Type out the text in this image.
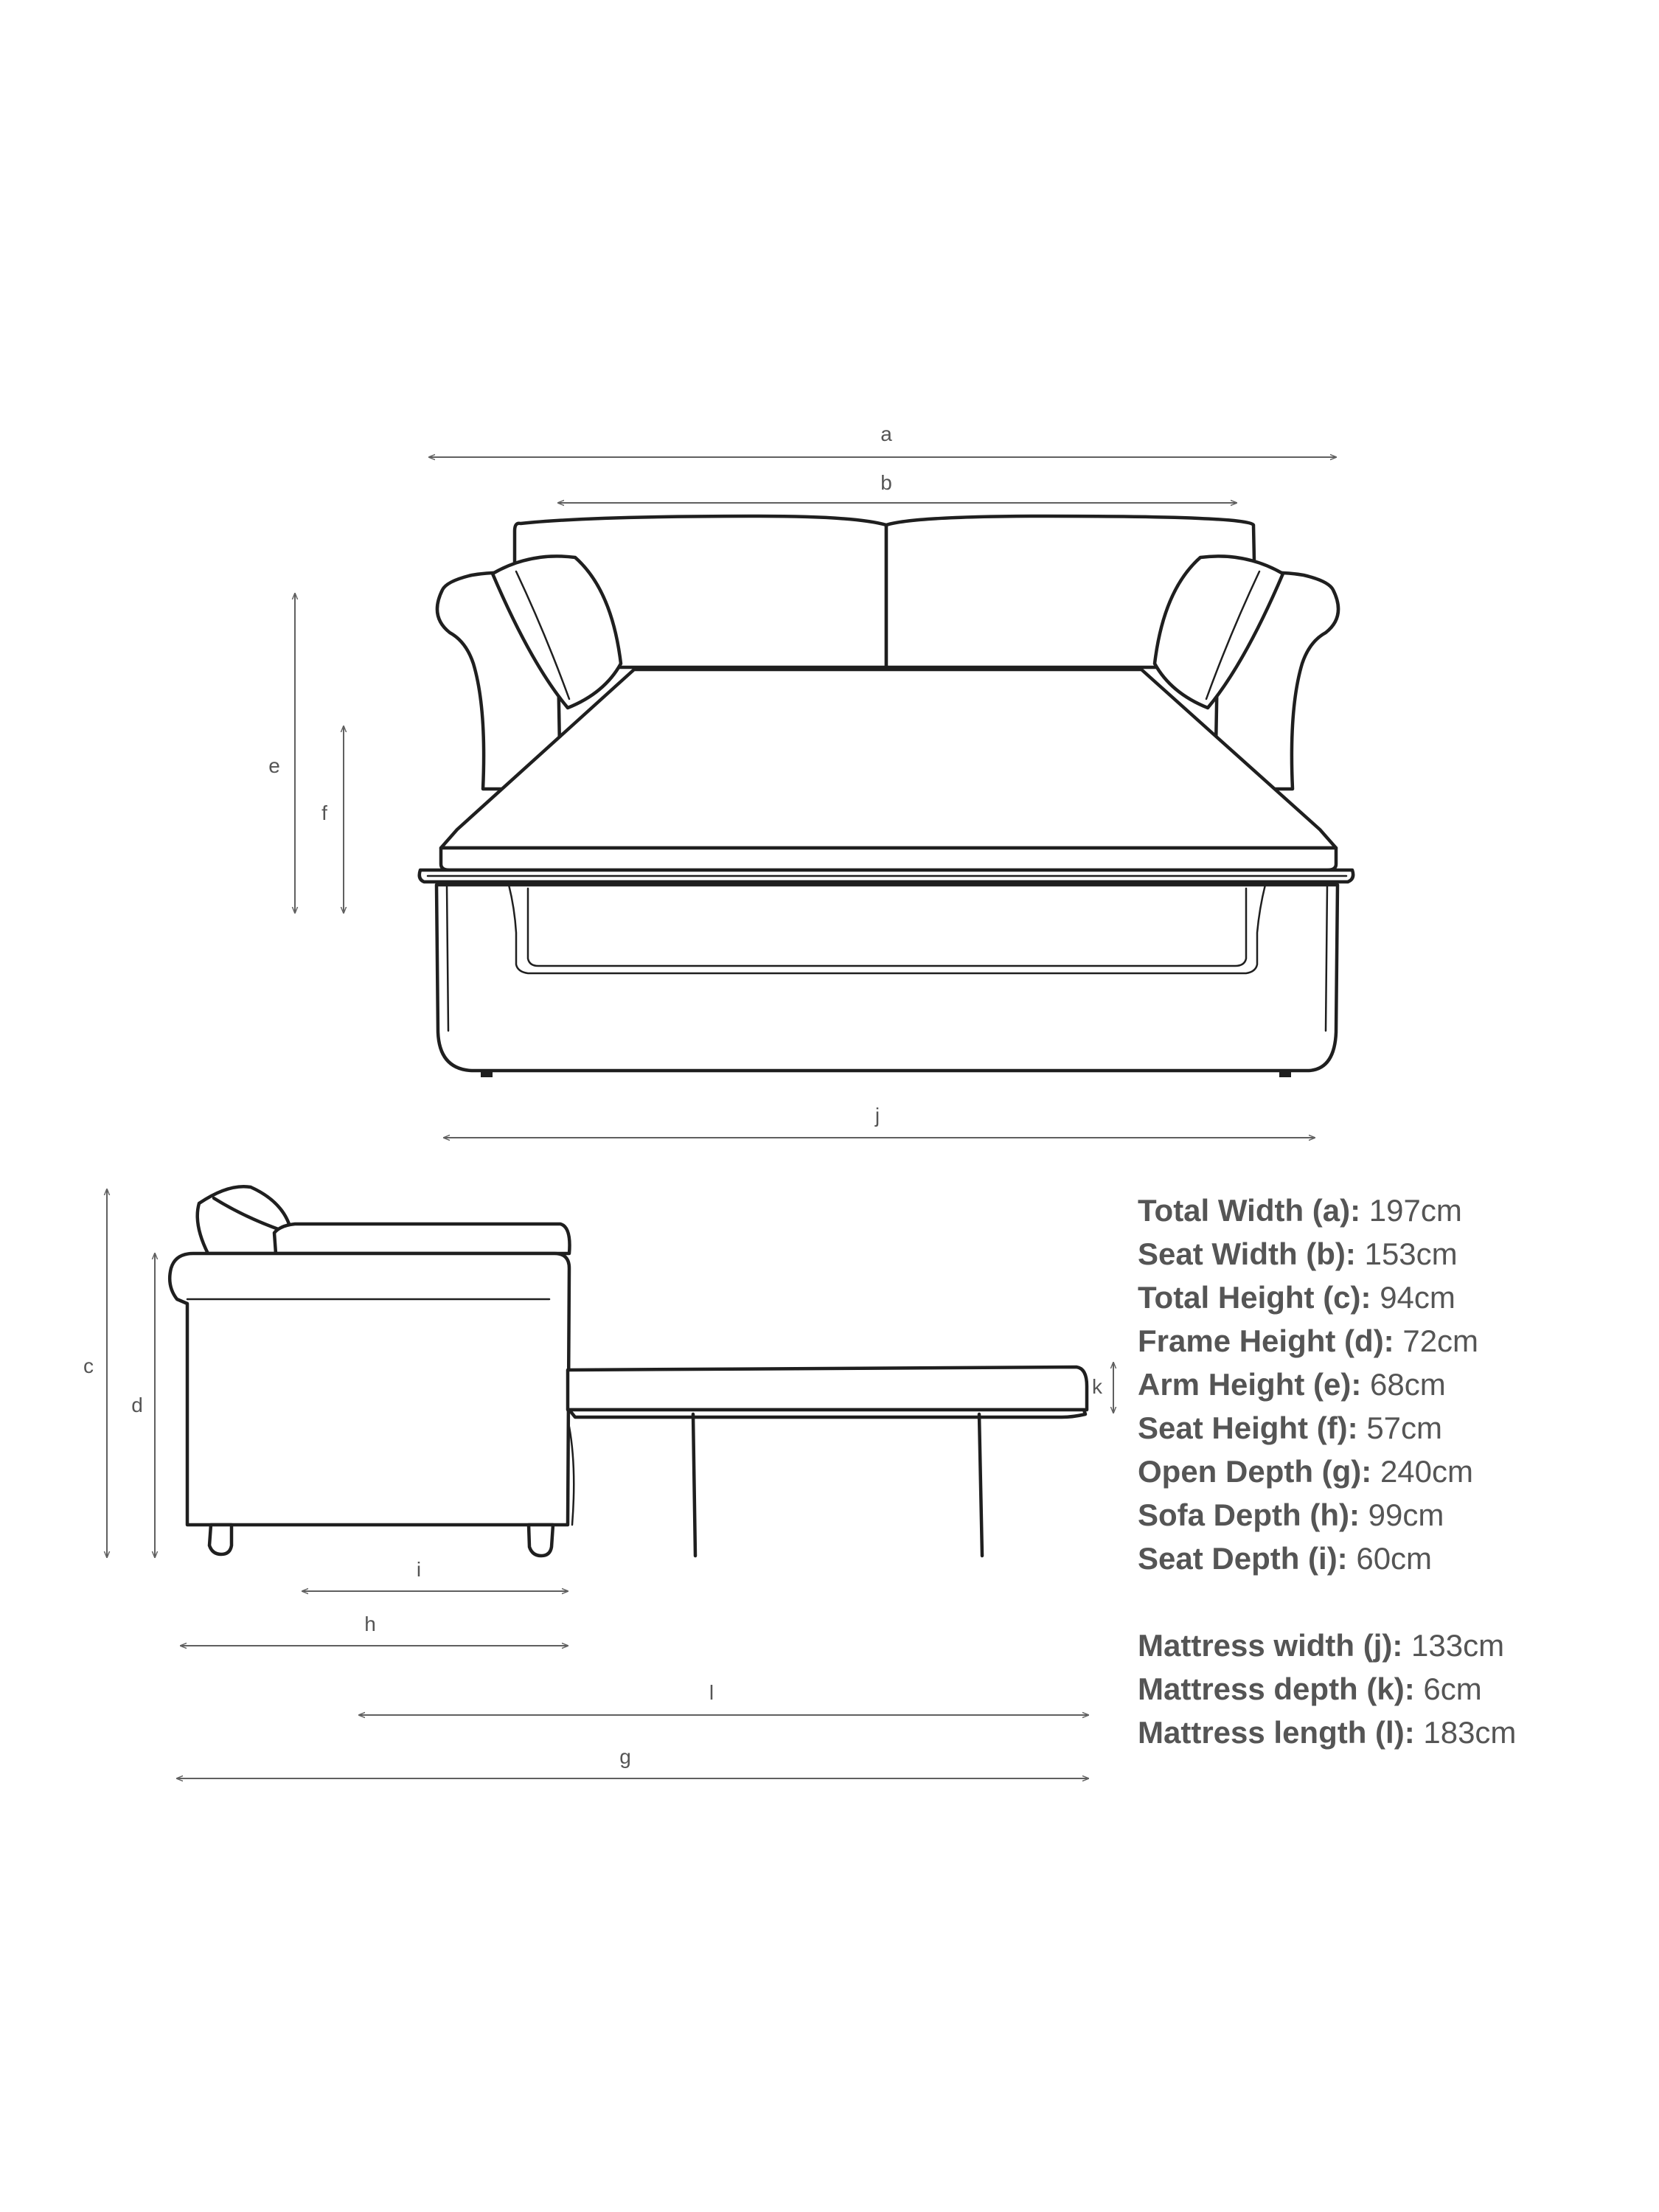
a
b
e
f
j
c
d
k
i
h
l
g
Total Width (a): 197cm
Seat Width (b): 153cm
Total Height (c): 94cm
Frame Height (d): 72cm
Arm Height (e): 68cm
Seat Height (f): 57cm
Open Depth (g): 240cm
Sofa Depth (h): 99cm
Seat Depth (i): 60cm
Mattress width (j): 133cm
Mattress depth (k): 6cm
Mattress length (l): 183cm
